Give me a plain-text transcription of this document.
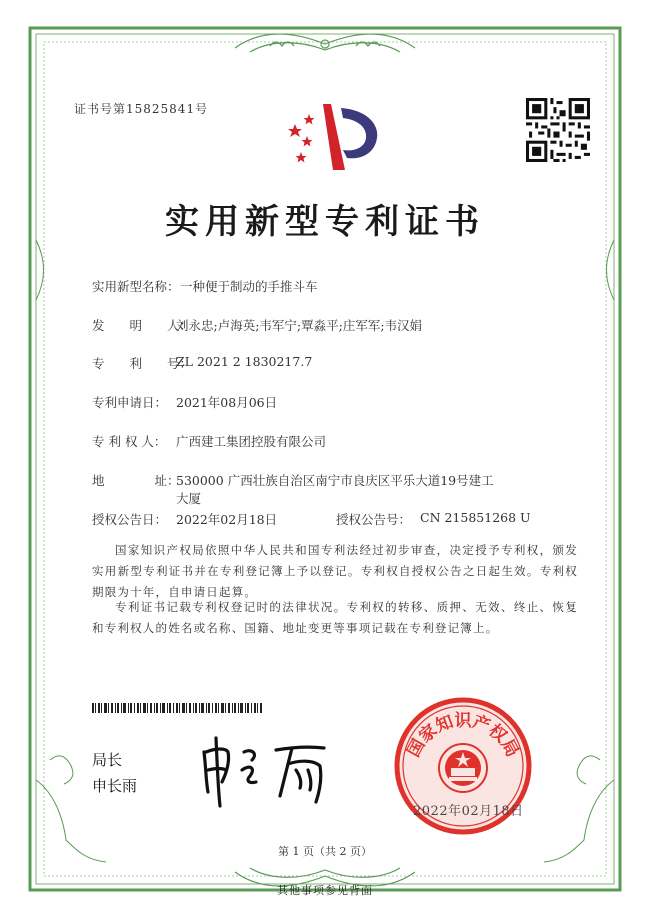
证书号第15825841号
实用新型专利证书
实用新型名称： 一种便于制动的手推斗车
发　　明　　人：
刘永忠;卢海英;韦军宁;覃淼平;庄军军;韦汉娟
专　　利　　号：
ZL 2021 2 1830217.7
专利申请日： 2021年08月06日
专 利 权 人： 广西建工集团控股有限公司
地　　　　址：
530000 广西壮族自治区南宁市良庆区平乐大道19号建工
大厦
授权公告日： 2022年02月18日	授权公告号： CN 215851268 U
国家知识产权局依照中华人民共和国专利法经过初步审查，决定授予专利权，颁发实用新型专利证书并在专利登记簿上予以登记。专利权自授权公告之日起生效。专利权期限为十年，自申请日起算。
专利证书记载专利权登记时的法律状况。专利权的转移、质押、无效、终止、恢复和专利权人的姓名或名称、国籍、地址变更等事项记载在专利登记簿上。
局长
申长雨
国家知识产权局
2022年02月18日
第 1 页（共 2 页）
其他事项参见背面
